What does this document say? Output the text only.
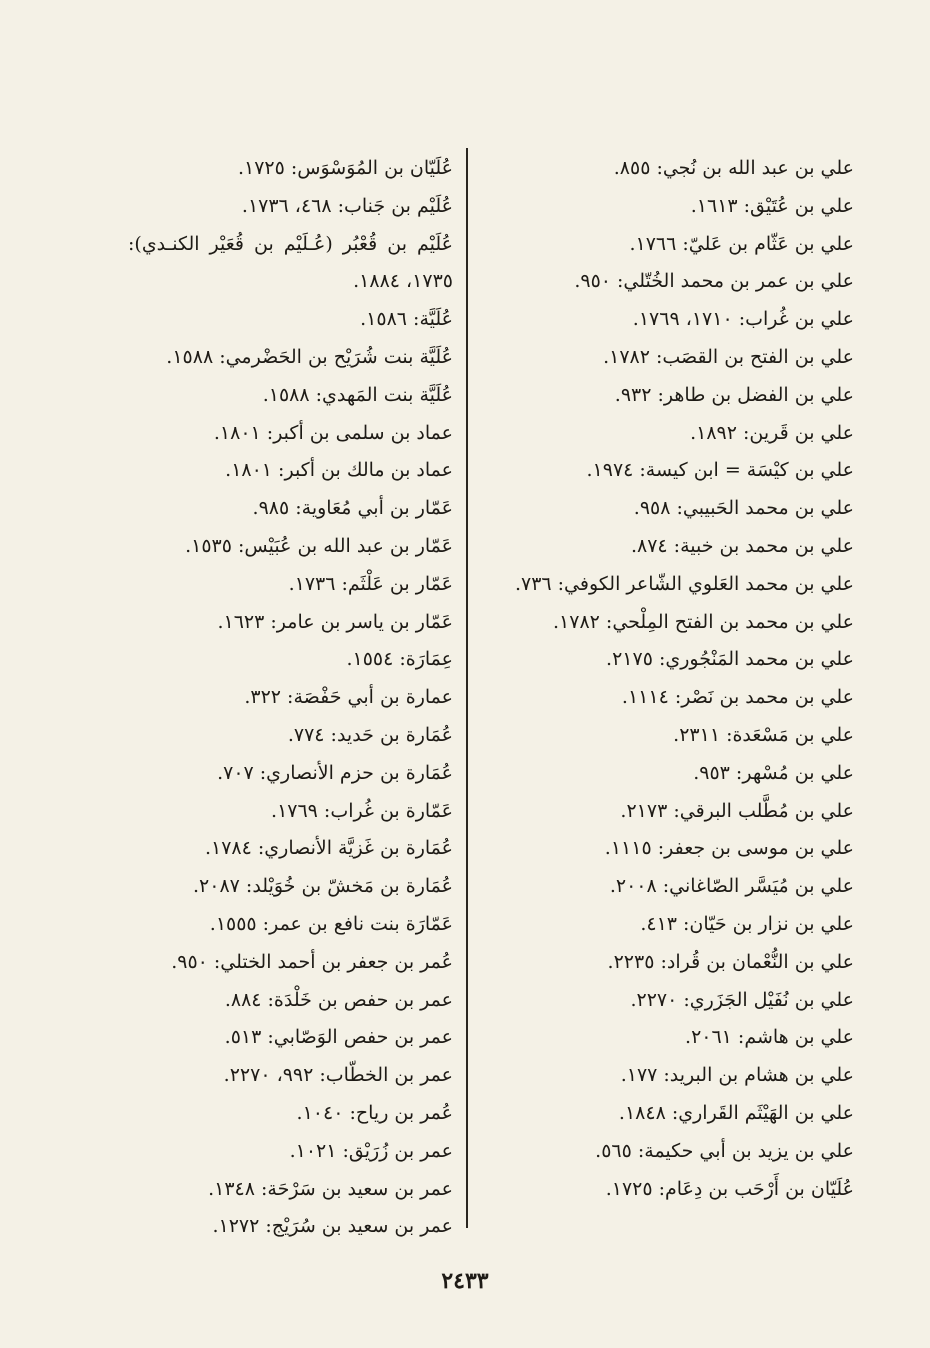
علي بن عبد الله بن نُجي: ٨٥٥.
علي بن عُتَيْق: ١٦١٣.
علي بن عَثّام بن عَليّ: ١٧٦٦.
علي بن عمر بن محمد الخُتّلي: ٩٥٠.
علي بن غُراب: ١٧١٠، ١٧٦٩.
علي بن الفتح بن القصَب: ١٧٨٢.
علي بن الفضل بن طاهر: ٩٣٢.
علي بن قَرين: ١٨٩٢.
علي بن كيْسَة = ابن كيسة: ١٩٧٤.
علي بن محمد الحَبيبي: ٩٥٨.
علي بن محمد بن خبية: ٨٧٤.
علي بن محمد العَلوي الشّاعر الكوفي: ٧٣٦.
علي بن محمد بن الفتح المِلْحي: ١٧٨٢.
علي بن محمد المَنْجُوري: ٢١٧٥.
علي بن محمد بن نَصْر: ١١١٤.
علي بن مَسْعَدة: ٢٣١١.
علي بن مُسْهر: ٩٥٣.
علي بن مُطَّلب البرقي: ٢١٧٣.
علي بن موسى بن جعفر: ١١١٥.
علي بن مُيَسَّر الصّاغاني: ٢٠٠٨.
علي بن نزار بن حَيّان: ٤١٣.
علي بن النُّعْمان بن قُراد: ٢٢٣٥.
علي بن نُفَيْل الجَزَري: ٢٢٧٠.
علي بن هاشم: ٢٠٦١.
علي بن هشام بن البريد: ١٧٧.
علي بن الهَيْثَم القَراري: ١٨٤٨.
علي بن يزيد بن أبي حكيمة: ٥٦٥.
عُلَيّان بن أَرْحَب بن دِعَام: ١٧٢٥.
عُلَيّان بن المُوَسْوَس: ١٧٢٥.
عُلَيْم بن جَناب: ٤٦٨، ١٧٣٦.
عُلَيْم بن قُعْبُر (عُـلَيْم بن قُعَيْر الكنـدي): ١٧٣٥، ١٨٨٤.
عُلَيَّة: ١٥٨٦.
عُلَيَّة بنت شُرَيْح بن الحَضْرمي: ١٥٨٨.
عُلَيَّة بنت المَهدي: ١٥٨٨.
عماد بن سلمى بن أكبر: ١٨٠١.
عماد بن مالك بن أكبر: ١٨٠١.
عَمّار بن أبي مُعَاوية: ٩٨٥.
عَمّار بن عبد الله بن عُبَيْس: ١٥٣٥.
عَمّار بن عَلْثَم: ١٧٣٦.
عَمّار بن ياسر بن عامر: ١٦٢٣.
عِمَارَة: ١٥٥٤.
عمارة بن أبي حَفْصَة: ٣٢٢.
عُمَارة بن حَديد: ٧٧٤.
عُمَارة بن حزم الأنصاري: ٧٠٧.
عَمّارة بن غُراب: ١٧٦٩.
عُمَارة بن غَزيَّة الأنصاري: ١٧٨٤.
عُمَارة بن مَخشّ بن خُوَيْلد: ٢٠٨٧.
عَمّارَة بنت نافع بن عمر: ١٥٥٥.
عُمر بن جعفر بن أحمد الختلي: ٩٥٠.
عمر بن حفص بن خَلْدَة: ٨٨٤.
عمر بن حفص الوَصّابي: ٥١٣.
عمر بن الخطّاب: ٩٩٢، ٢٢٧٠.
عُمر بن رياح: ١٠٤٠.
عمر بن زُرَيْق: ١٠٢١.
عمر بن سعيد بن سَرْحَة: ١٣٤٨.
عمر بن سعيد بن سُرَيْج: ١٢٧٢.
٢٤٣٣
